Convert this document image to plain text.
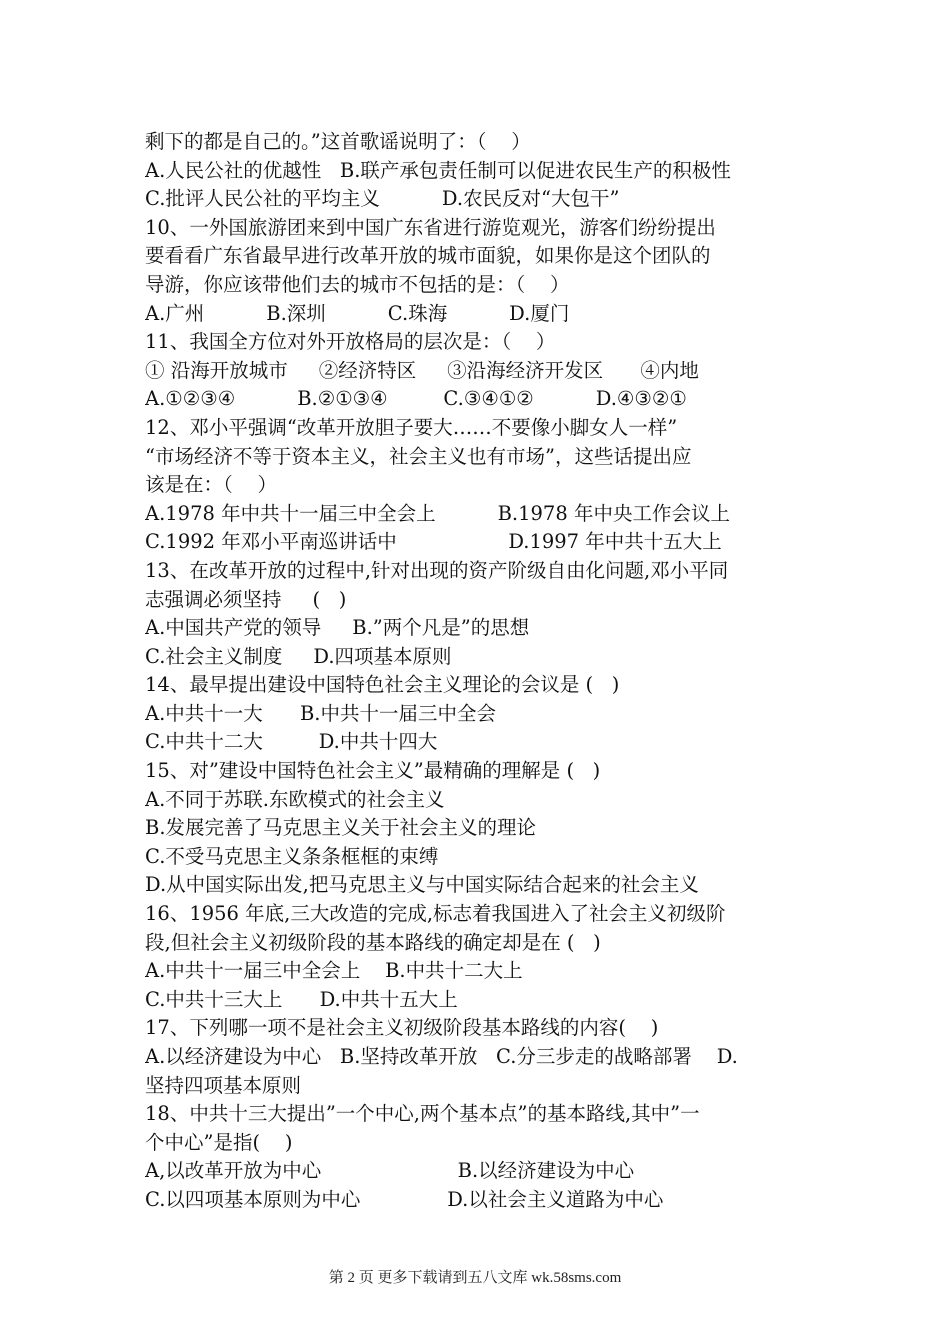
剩下的都是自己的。”这首歌谣说明了：（    ）
A.人民公社的优越性   B.联产承包责任制可以促进农民生产的积极性
C.批评人民公社的平均主义          D.农民反对“大包干”
10、一外国旅游团来到中国广东省进行游览观光，游客们纷纷提出
要看看广东省最早进行改革开放的城市面貌，如果你是这个团队的
导游，你应该带他们去的城市不包括的是：（    ）
A.广州          B.深圳          C.珠海          D.厦门
11、我国全方位对外开放格局的层次是：（    ）
① 沿海开放城市     ②经济特区     ③沿海经济开发区      ④内地
A.①②③④          B.②①③④         C.③④①②          D.④③②①
12、邓小平强调“改革开放胆子要大……不要像小脚女人一样”
“市场经济不等于资本主义，社会主义也有市场”，这些话提出应
该是在：（    ）
A.1978 年中共十一届三中全会上          B.1978 年中央工作会议上
C.1992 年邓小平南巡讲话中                  D.1997 年中共十五大上
13、在改革开放的过程中,针对出现的资产阶级自由化问题,邓小平同
志强调必须坚持     (   )
A.中国共产党的领导     B.”两个凡是”的思想
C.社会主义制度     D.四项基本原则
14、最早提出建设中国特色社会主义理论的会议是 (   )
A.中共十一大      B.中共十一届三中全会
C.中共十二大         D.中共十四大
15、对”建设中国特色社会主义”最精确的理解是 (   )
A.不同于苏联.东欧模式的社会主义
B.发展完善了马克思主义关于社会主义的理论
C.不受马克思主义条条框框的束缚
D.从中国实际出发,把马克思主义与中国实际结合起来的社会主义
16、1956 年底,三大改造的完成,标志着我国进入了社会主义初级阶
段,但社会主义初级阶段的基本路线的确定却是在 (   )
A.中共十一届三中全会上    B.中共十二大上
C.中共十三大上      D.中共十五大上
17、下列哪一项不是社会主义初级阶段基本路线的内容(    )
A.以经济建设为中心   B.坚持改革开放   C.分三步走的战略部署    D.
坚持四项基本原则
18、中共十三大提出”一个中心,两个基本点”的基本路线,其中”一
个中心”是指(    )
A,以改革开放为中心                      B.以经济建设为中心
C.以四项基本原则为中心              D.以社会主义道路为中心
第 2 页 更多下载请到五八文库 wk.58sms.com
